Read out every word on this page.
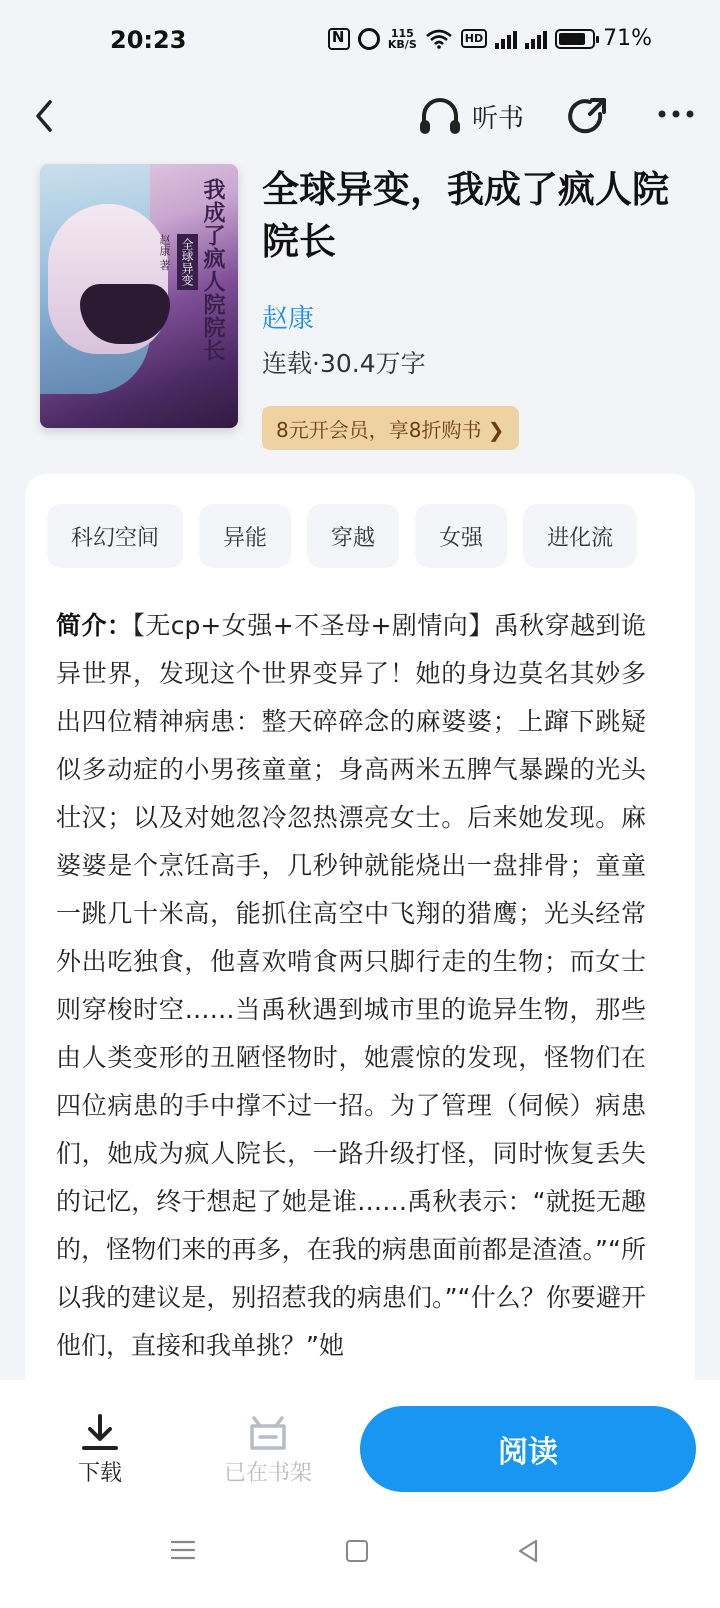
20:23
N	115
KB/S	HD	71%
听书
我成了疯人院院长
全球异变
赵康 著
全球异变，我成了疯人院院长
赵康
连载·30.4万字
8元开会员，享8折购书 ❯
科幻空间	异能	穿越	女强	进化流
简介：【无cp+女强+不圣母+剧情向】禹秋穿越到诡异世界，发现这个世界变异了！她的身边莫名其妙多出四位精神病患：整天碎碎念的麻婆婆；上蹿下跳疑似多动症的小男孩童童；身高两米五脾气暴躁的光头壮汉；以及对她忽冷忽热漂亮女士。后来她发现。麻婆婆是个烹饪高手，几秒钟就能烧出一盘排骨；童童一跳几十米高，能抓住高空中飞翔的猎鹰；光头经常外出吃独食，他喜欢啃食两只脚行走的生物；而女士则穿梭时空……当禹秋遇到城市里的诡异生物，那些由人类变形的丑陋怪物时，她震惊的发现，怪物们在四位病患的手中撑不过一招。为了管理（伺候）病患们，她成为疯人院长，一路升级打怪，同时恢复丢失的记忆，终于想起了她是谁……禹秋表示：“就挺无趣的，怪物们来的再多，在我的病患面前都是渣渣。”“所以我的建议是，别招惹我的病患们。”“什么？你要避开他们，直接和我单挑？”她
下载	已在书架
阅读
